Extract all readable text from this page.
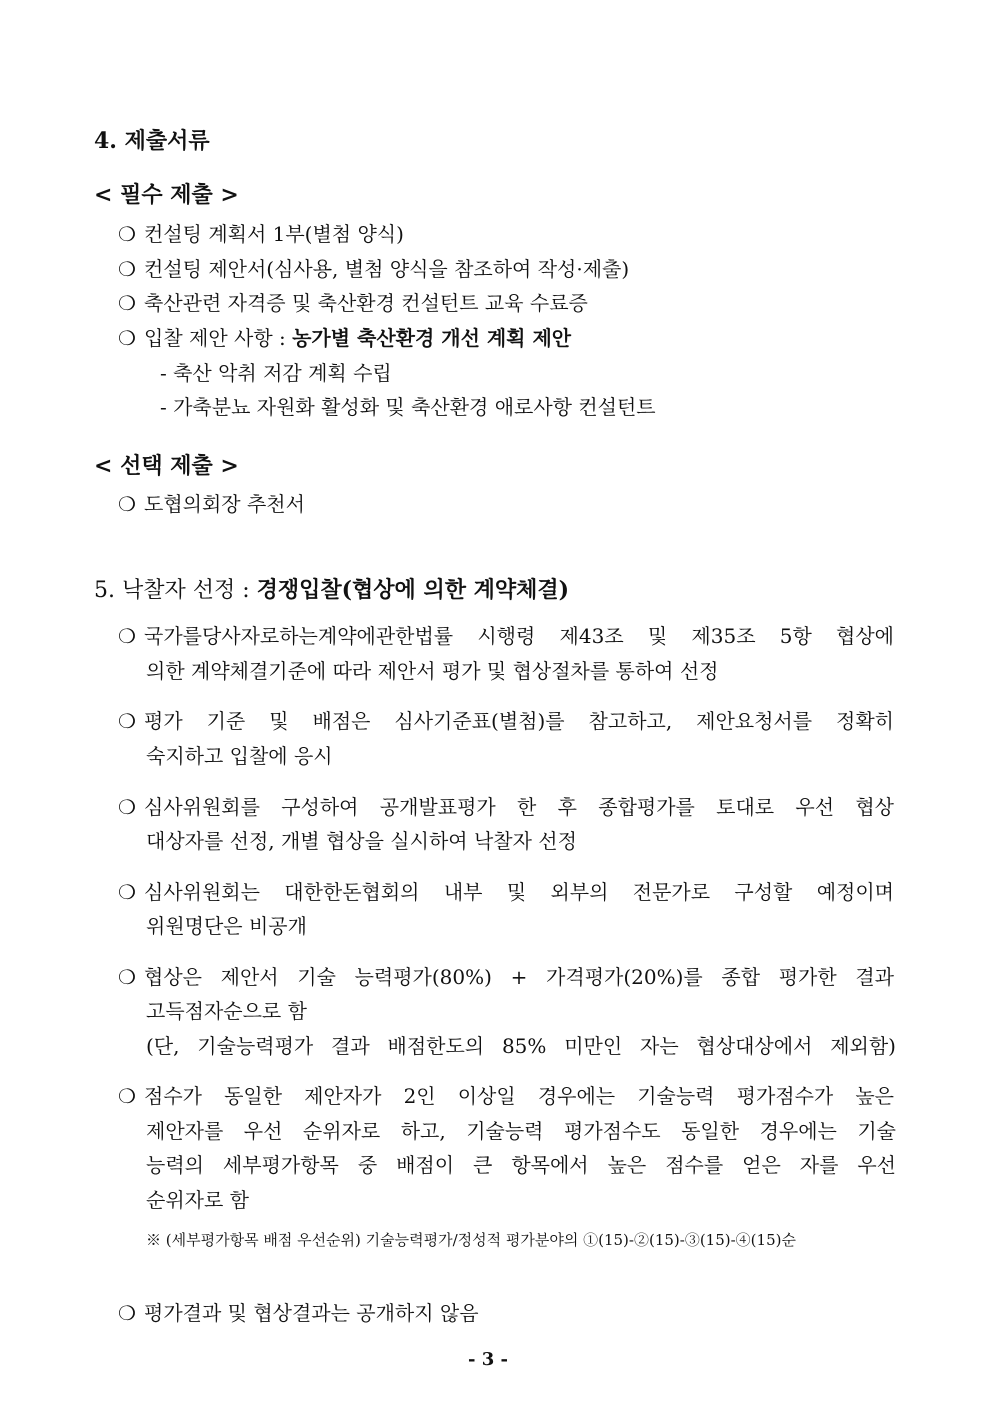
4. 제출서류
< 필수 제출 >
❍ 컨설팅 계획서 1부(별첨 양식)
❍ 컨설팅 제안서(심사용, 별첨 양식을 참조하여 작성·제출)
❍ 축산관련 자격증 및 축산환경 컨설턴트 교육 수료증
❍ 입찰 제안 사항 : 농가별 축산환경 개선 계획 제안
- 축산 악취 저감 계획 수립
- 가축분뇨 자원화 활성화 및 축산환경 애로사항 컨설턴트
< 선택 제출 >
❍ 도협의회장 추천서
5. 낙찰자 선정 : 경쟁입찰(협상에 의한 계약체결)
❍ 국가를당사자로하는계약에관한법률 시행령 제43조 및 제35조 5항 협상에
의한 계약체결기준에 따라 제안서 평가 및 협상절차를 통하여 선정
❍ 평가 기준 및 배점은 심사기준표(별첨)를 참고하고, 제안요청서를 정확히
숙지하고 입찰에 응시
❍ 심사위원회를 구성하여 공개발표평가 한 후 종합평가를 토대로 우선 협상
대상자를 선정, 개별 협상을 실시하여 낙찰자 선정
❍ 심사위원회는 대한한돈협회의 내부 및 외부의 전문가로 구성할 예정이며
위원명단은 비공개
❍ 협상은 제안서 기술 능력평가(80%) + 가격평가(20%)를 종합 평가한 결과
고득점자순으로 함
(단, 기술능력평가 결과 배점한도의 85% 미만인 자는 협상대상에서 제외함)
❍ 점수가 동일한 제안자가 2인 이상일 경우에는 기술능력 평가점수가 높은
제안자를 우선 순위자로 하고, 기술능력 평가점수도 동일한 경우에는 기술
능력의 세부평가항목 중 배점이 큰 항목에서 높은 점수를 얻은 자를 우선
순위자로 함
※ (세부평가항목 배점 우선순위) 기술능력평가/정성적 평가분야의 ①(15)-②(15)-③(15)-④(15)순
❍ 평가결과 및 협상결과는 공개하지 않음
- 3 -
